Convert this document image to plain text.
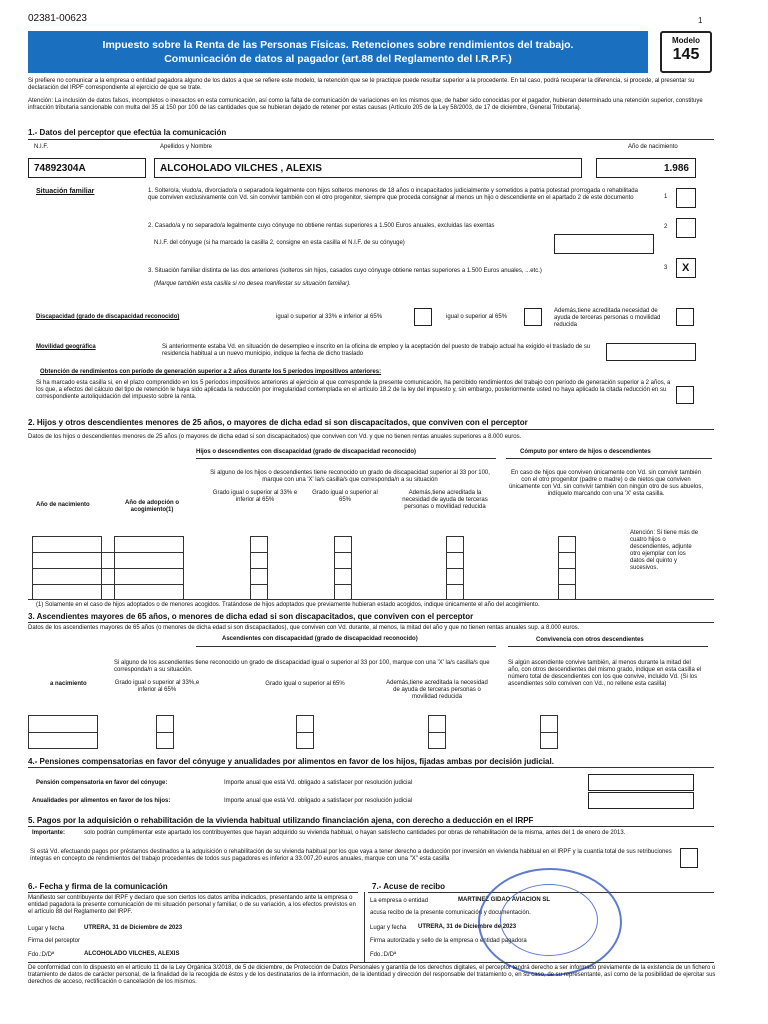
02381-00623	1
Impuesto sobre la Renta de las Personas Físicas. Retenciones sobre rendimientos del trabajo.
Comunicación de datos al pagador (art.88 del Reglamento del I.R.P.F.)
Modelo
145
Si prefiere no comunicar a la empresa o entidad pagadora alguno de los datos a que se refiere este modelo, la retención que se le practique puede resultar superior a la procedente. En tal caso, podrá recuperar la diferencia, si procede, al presentar su declaración del IRPF correspondiente al ejercicio de que se trate.
Atención: La inclusión de datos falsos, incompletos o inexactos en esta comunicación, así como la falta de comunicación de variaciones en los mismos que, de haber sido conocidas por el pagador, hubieran determinado una retención superior, constituye infracción tributaria sancionable con multa del 35 al 150 por 100 de las cantidades que se hubieran dejado de retener por estas causas (Artículo 205 de la Ley 58/2003, de 17 de diciembre, General Tributaria).
1.- Datos del perceptor que efectúa la comunicación
N.I.F.	Apellidos y Nombre	Año de nacimiento
74892304A	ALCOHOLADO VILCHES , ALEXIS	1.986
Situación familiar	1. Soltero/a, viudo/a, divorciado/a o separado/a legalmente con hijos solteros menores de 18 años o incapacitados judicialmente y sometidos a patria potestad prorrogada o rehabilitada que conviven exclusivamente con Vd. sin convivir también con el otro progenitor, siempre que proceda consignar al menos un hijo o descendiente en el apartado 2 de este documento
2. Casado/a y no separado/a legalmente cuyo cónyuge no obtiene rentas superiores a 1.500 Euros anuales, excluidas las exentas
N.I.F. del cónyuge (si ha marcado la casilla 2, consigne en esta casilla el N.I.F. de su cónyuge)
3. Situación familiar distinta de las dos anteriores (solteros sin hijos, casados cuyo cónyuge obtiene rentas superiores a 1.500 Euros anuales, ...etc.)
(Marque también esta casilla si no desea manifestar su situación familiar).
1
2
3 X
Discapacidad (grado de discapacidad reconocido)	igual o superior al 33% e inferior al 65%	igual o superior al 65%
Además,tiene acreditada necesidad de ayuda de terceras personas o movilidad reducida
Movilidad geográfica	Si anteriormente estaba Vd. en situación de desempleo e inscrito en la oficina de empleo y la aceptación del puesto de trabajo actual ha exigido el traslado de su residencia habitual a un nuevo municipio, indique la fecha de dicho traslado
Obtención de rendimientos con período de generación superior a 2 años durante los 5 períodos impositivos anteriores:
Si ha marcado esta casilla si, en el plazo comprendido en los 5 períodos impositivos anteriores al ejercicio al que corresponde la presente comunicación, ha percibido rendimientos del trabajo con período de generación superior a 2 años, a los que, a efectos del cálculo del tipo de retención le haya sido aplicada la reducción por irregularidad contemplada en el artículo 18.2 de la ley del impuesto y, sin embargo, posteriormente usted no haya aplicado la citada reducción en su correspondiente autoliquidación del impuesto sobre la renta.
2. Hijos y otros descendientes menores de 25 años, o mayores de dicha edad si son discapacitados, que conviven con el perceptor
Datos de los hijos o descendientes menores de 25 años (o mayores de dicha edad si son discapacitados) que conviven con Vd. y que no tienen rentas anuales superiores a 8.000 euros.
Hijos o descendientes con discapacidad (grado de discapacidad reconocido)	Cómputo por entero de hijos o descendientes
Si alguno de los hijos o descendientes tiene reconocido un grado de discapacidad superior al 33 por 100, marque con una 'X' la/s casilla/s que corresponda/n a su situación
En caso de hijos que conviven únicamente con Vd. sin convivir también con el otro progenitor (padre o madre) o de nietos que conviven únicamente con Vd. sin convivir también con ningún otro de sus abuelos, indíquelo marcando con una 'X' esta casilla.
Año de nacimiento	Año de adopción o acogimiento(1)
Grado igual o superior al 33% e inferior al 65%
Grado igual o superior al 65%
Además,tiene acreditada la necesidad de ayuda de terceras personas o movilidad reducida
Atención: Si tiene más de cuatro hijos o descendientes, adjunte otro ejemplar con los datos del quinto y sucesivos.
(1) Solamente en el caso de hijos adoptados o de menores acogidos. Tratándose de hijos adoptados que previamente hubieran estado acogidos, indique únicamente el año del acogimiento.
3. Ascendientes mayores de 65 años, o menores de dicha edad si son discapacitados, que conviven con el perceptor
Datos de los ascendientes mayores de 65 años (o menores de dicha edad si son discapacitados), que conviven con Vd. durante, al menos, la mitad del año y que no tienen rentas anuales sup. a 8.000 euros.
Ascendientes con discapacidad (grado de discapacidad reconocido)	Convivencia con otros descendientes
Si alguno de los ascendientes tiene reconocido un grado de discapacidad igual o superior al 33 por 100, marque con una 'X' la/s casilla/s que corresponda/n a su situación.
Si algún ascendiente convive también, al menos durante la mitad del año, con otros descendientes del mismo grado, indique en esta casilla el número total de descendientes con los que convive, incluido Vd. (Si los ascendientes sólo conviven con Vd., no rellene esta casilla)
a nacimiento	Grado igual o superior al 33%,e inferior al 65%
Grado igual o superior al 65%	Además,tiene acreditada la necesidad de ayuda de terceras personas o movilidad reducida
4.- Pensiones compensatorias en favor del cónyuge y anualidades por alimentos en favor de los hijos, fijadas ambas por decisión judicial.
Pensión compensatoria en favor del cónyuge:	Importe anual que está Vd. obligado a satisfacer por resolución judicial
Anualidades por alimentos en favor de los hijos:	Importe anual que está Vd. obligado a satisfacer por resolución judicial
5. Pagos por la adquisición o rehabilitación de la vivienda habitual utilizando financiación ajena, con derecho a deducción en el IRPF
Importante:	solo podrán cumplimentar este apartado los contribuyentes que hayan adquirido su vivienda habitual, o hayan satisfecho cantidades por obras de rehabilitación de la misma, antes del 1 de enero de 2013.
Si está Vd. efectuando pagos por préstamos destinados a la adquisición o rehabilitación de su vivienda habitual por los que vaya a tener derecho a deducción por inversión en vivienda habitual en el IRPF y la cuantía total de sus retribuciones íntegras en concepto de rendimientos del trabajo procedentes de todos sus pagadores es inferior a 33.007,20 euros anuales, marque con una "X" esta casilla
6.- Fecha y firma de la comunicación	7.- Acuse de recibo
Manifiesto ser contribuyente del IRPF y declaro que son ciertos los datos arriba indicados, presentando ante la empresa o entidad pagadora la presente comunicación de mi situación personal y familiar, o de su variación, a los efectos previstos en el artículo 88 del Reglamento del IRPF.
Lugar y fecha	UTRERA, 31 de Diciembre de 2023
Firma del perceptor
Fdo.:D/Dª	ALCOHOLADO VILCHES, ALEXIS
La empresa o entidad	MARTINEZ GIDAO AVIACION SL
acusa recibo de la presente comunicación y documentación.
Lugar y fecha UTRERA, 31 de Diciembre de 2023
Firma autorizada y sello de la empresa o entidad pagadora
Fdo.:D/Dª
De conformidad con lo dispuesto en el artículo 11 de la Ley Orgánica 3/2018, de 5 de diciembre, de Protección de Datos Personales y garantía de los derechos digitales, el perceptor tendrá derecho a ser informado previamente de la existencia de un fichero o tratamiento de datos de carácter personal, de la finalidad de la recogida de éstos y de los destinatarios de la información, de la identidad y dirección del responsable del tratamiento o, en su caso, de su representante, así como de la posibilidad de ejercitar sus derechos de acceso, rectificación o cancelación de los mismos.
